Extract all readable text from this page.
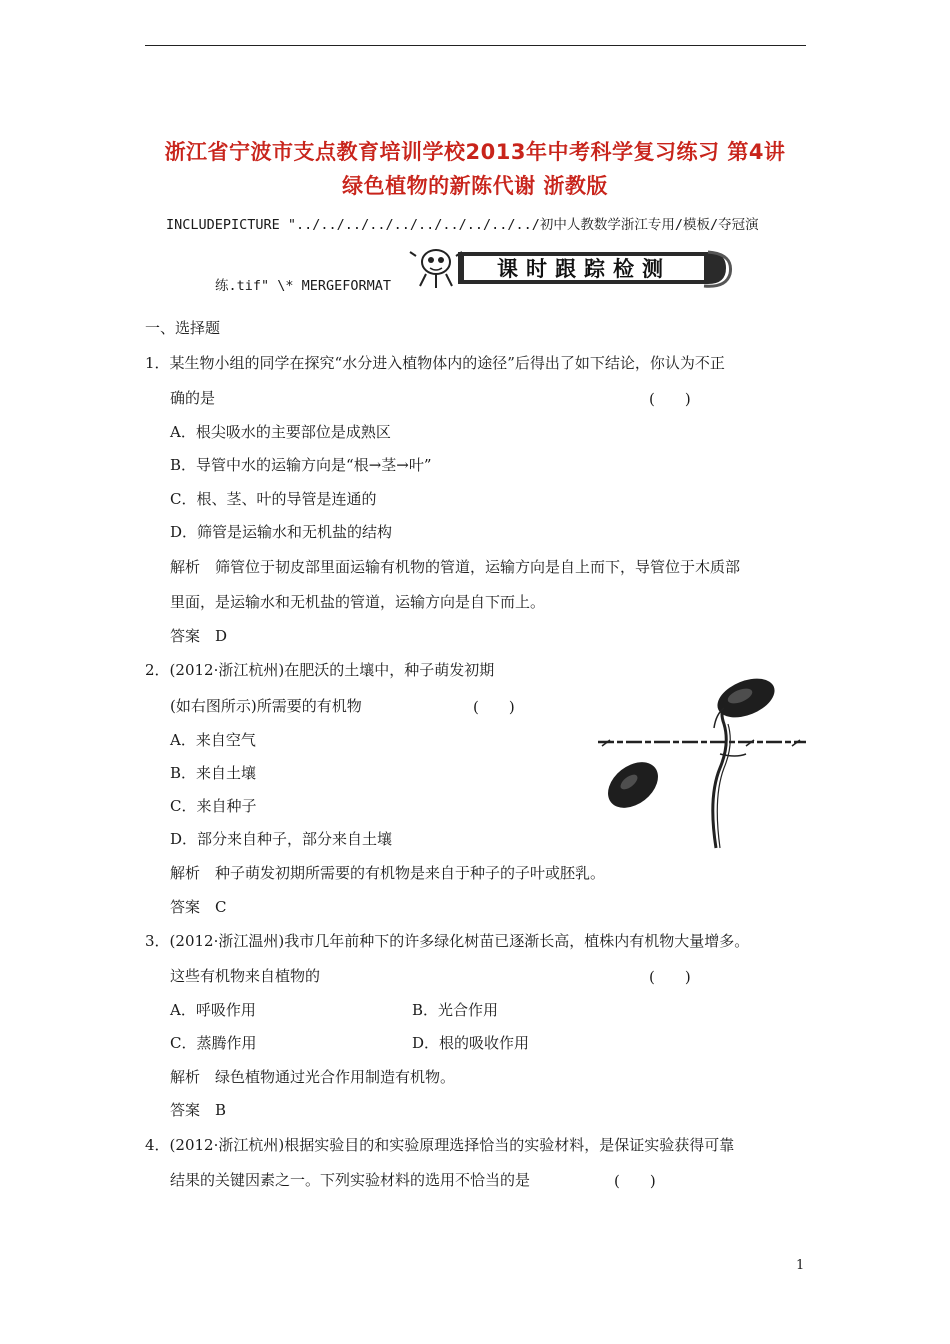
浙江省宁波市支点教育培训学校2013年中考科学复习练习 第4讲
绿色植物的新陈代谢 浙教版
INCLUDEPICTURE "../../../../../../../../../../初中人教数学浙江专用/模板/夺冠演
练.tif" \* MERGEFORMAT
课时跟踪检测
一、选择题
1．某生物小组的同学在探究“水分进入植物体内的途径”后得出了如下结论，你认为不正
确的是	(　　)
A．根尖吸水的主要部位是成熟区
B．导管中水的运输方向是“根→茎→叶”
C．根、茎、叶的导管是连通的
D．筛管是运输水和无机盐的结构
解析　筛管位于韧皮部里面运输有机物的管道，运输方向是自上而下，导管位于木质部
里面，是运输水和无机盐的管道，运输方向是自下而上。
答案　D
2．(2012·浙江杭州)在肥沃的土壤中，种子萌发初期
(如右图所示)所需要的有机物	(　　)
A．来自空气
B．来自土壤
C．来自种子
D．部分来自种子，部分来自土壤
解析　种子萌发初期所需要的有机物是来自于种子的子叶或胚乳。
答案　C
3．(2012·浙江温州)我市几年前种下的许多绿化树苗已逐渐长高，植株内有机物大量增多。
这些有机物来自植物的	(　　)
A．呼吸作用	B．光合作用
C．蒸腾作用	D．根的吸收作用
解析　绿色植物通过光合作用制造有机物。
答案　B
4．(2012·浙江杭州)根据实验目的和实验原理选择恰当的实验材料，是保证实验获得可靠
结果的关键因素之一。下列实验材料的选用不恰当的是	(　　)
1
